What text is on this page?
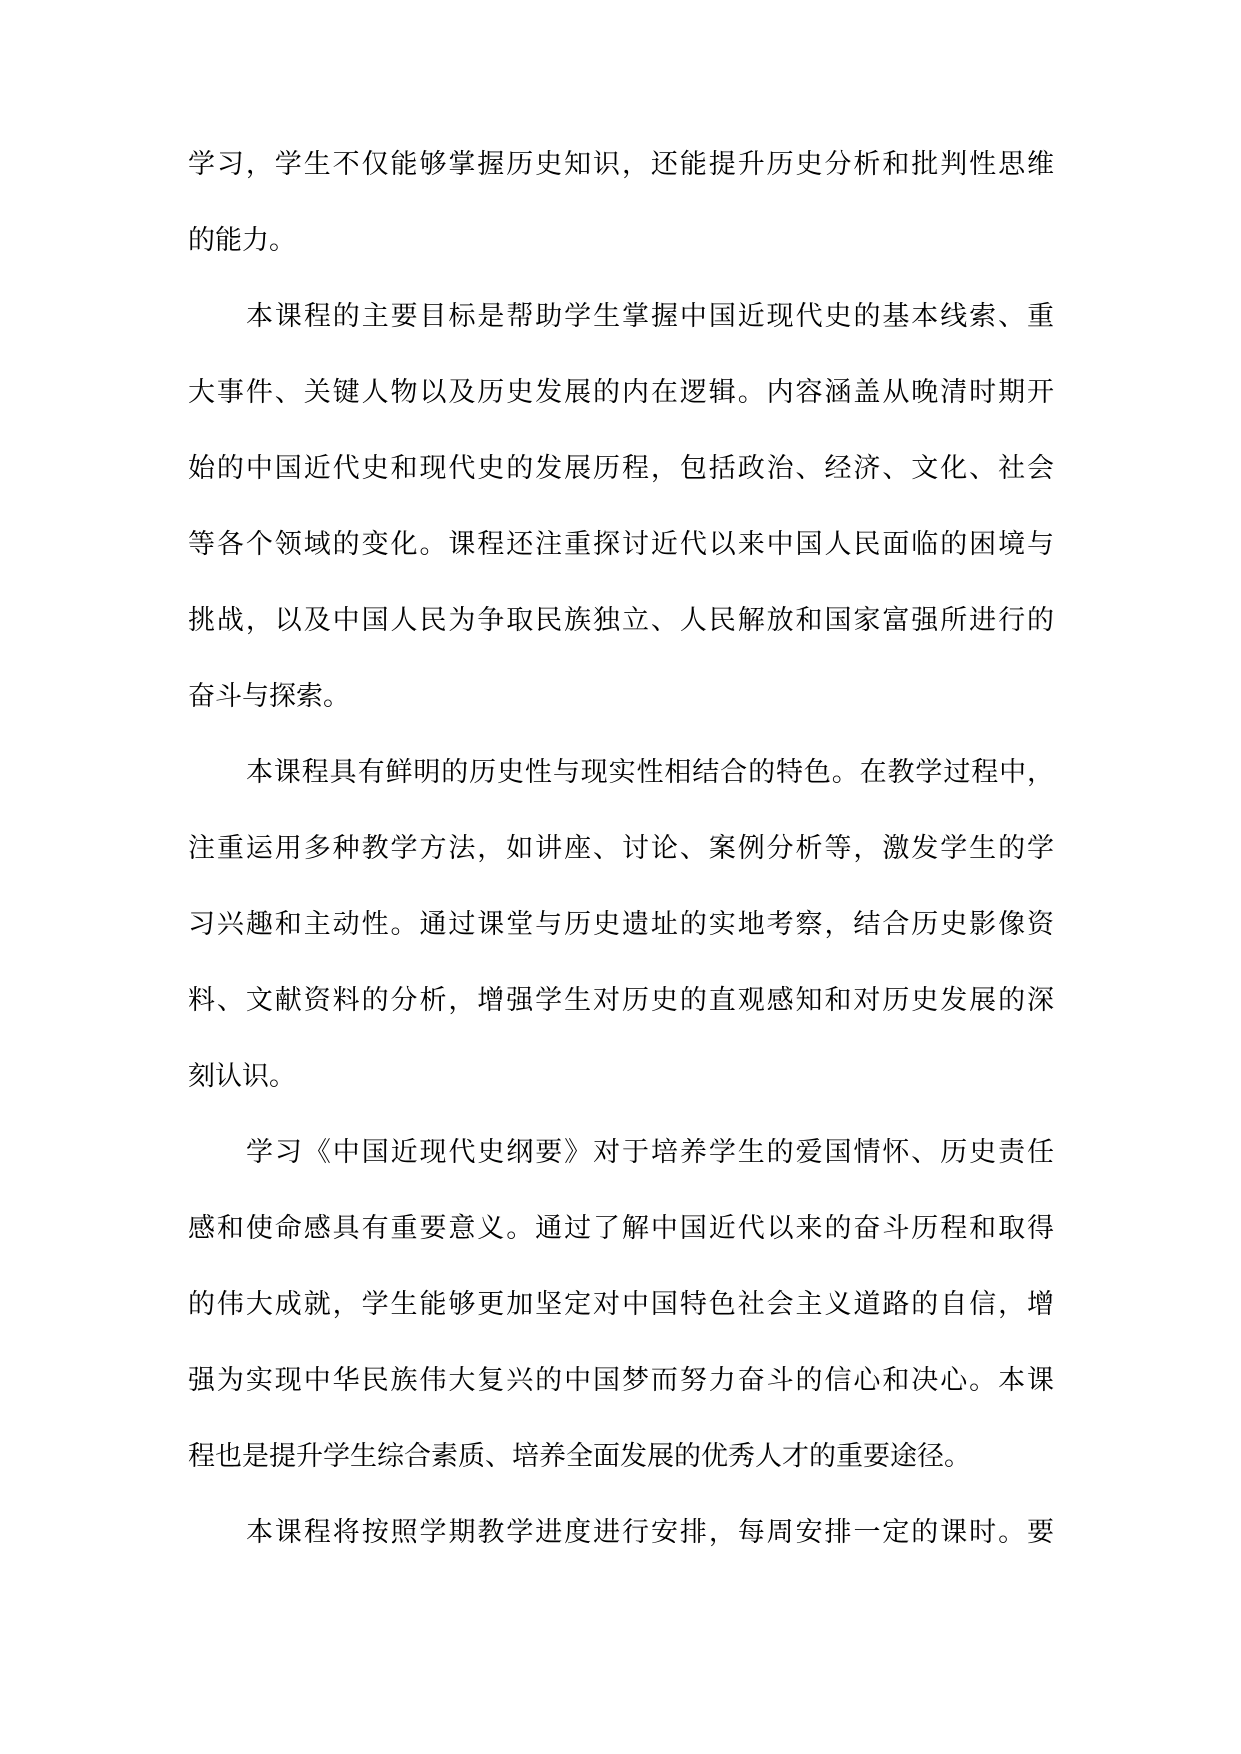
学习，学生不仅能够掌握历史知识，还能提升历史分析和批判性思维
的能力。
本课程的主要目标是帮助学生掌握中国近现代史的基本线索、重
大事件、关键人物以及历史发展的内在逻辑。内容涵盖从晚清时期开
始的中国近代史和现代史的发展历程，包括政治、经济、文化、社会
等各个领域的变化。课程还注重探讨近代以来中国人民面临的困境与
挑战，以及中国人民为争取民族独立、人民解放和国家富强所进行的
奋斗与探索。
本课程具有鲜明的历史性与现实性相结合的特色。在教学过程中，
注重运用多种教学方法，如讲座、讨论、案例分析等，激发学生的学
习兴趣和主动性。通过课堂与历史遗址的实地考察，结合历史影像资
料、文献资料的分析，增强学生对历史的直观感知和对历史发展的深
刻认识。
学习《中国近现代史纲要》对于培养学生的爱国情怀、历史责任
感和使命感具有重要意义。通过了解中国近代以来的奋斗历程和取得
的伟大成就，学生能够更加坚定对中国特色社会主义道路的自信，增
强为实现中华民族伟大复兴的中国梦而努力奋斗的信心和决心。本课
程也是提升学生综合素质、培养全面发展的优秀人才的重要途径。
本课程将按照学期教学进度进行安排，每周安排一定的课时。要
